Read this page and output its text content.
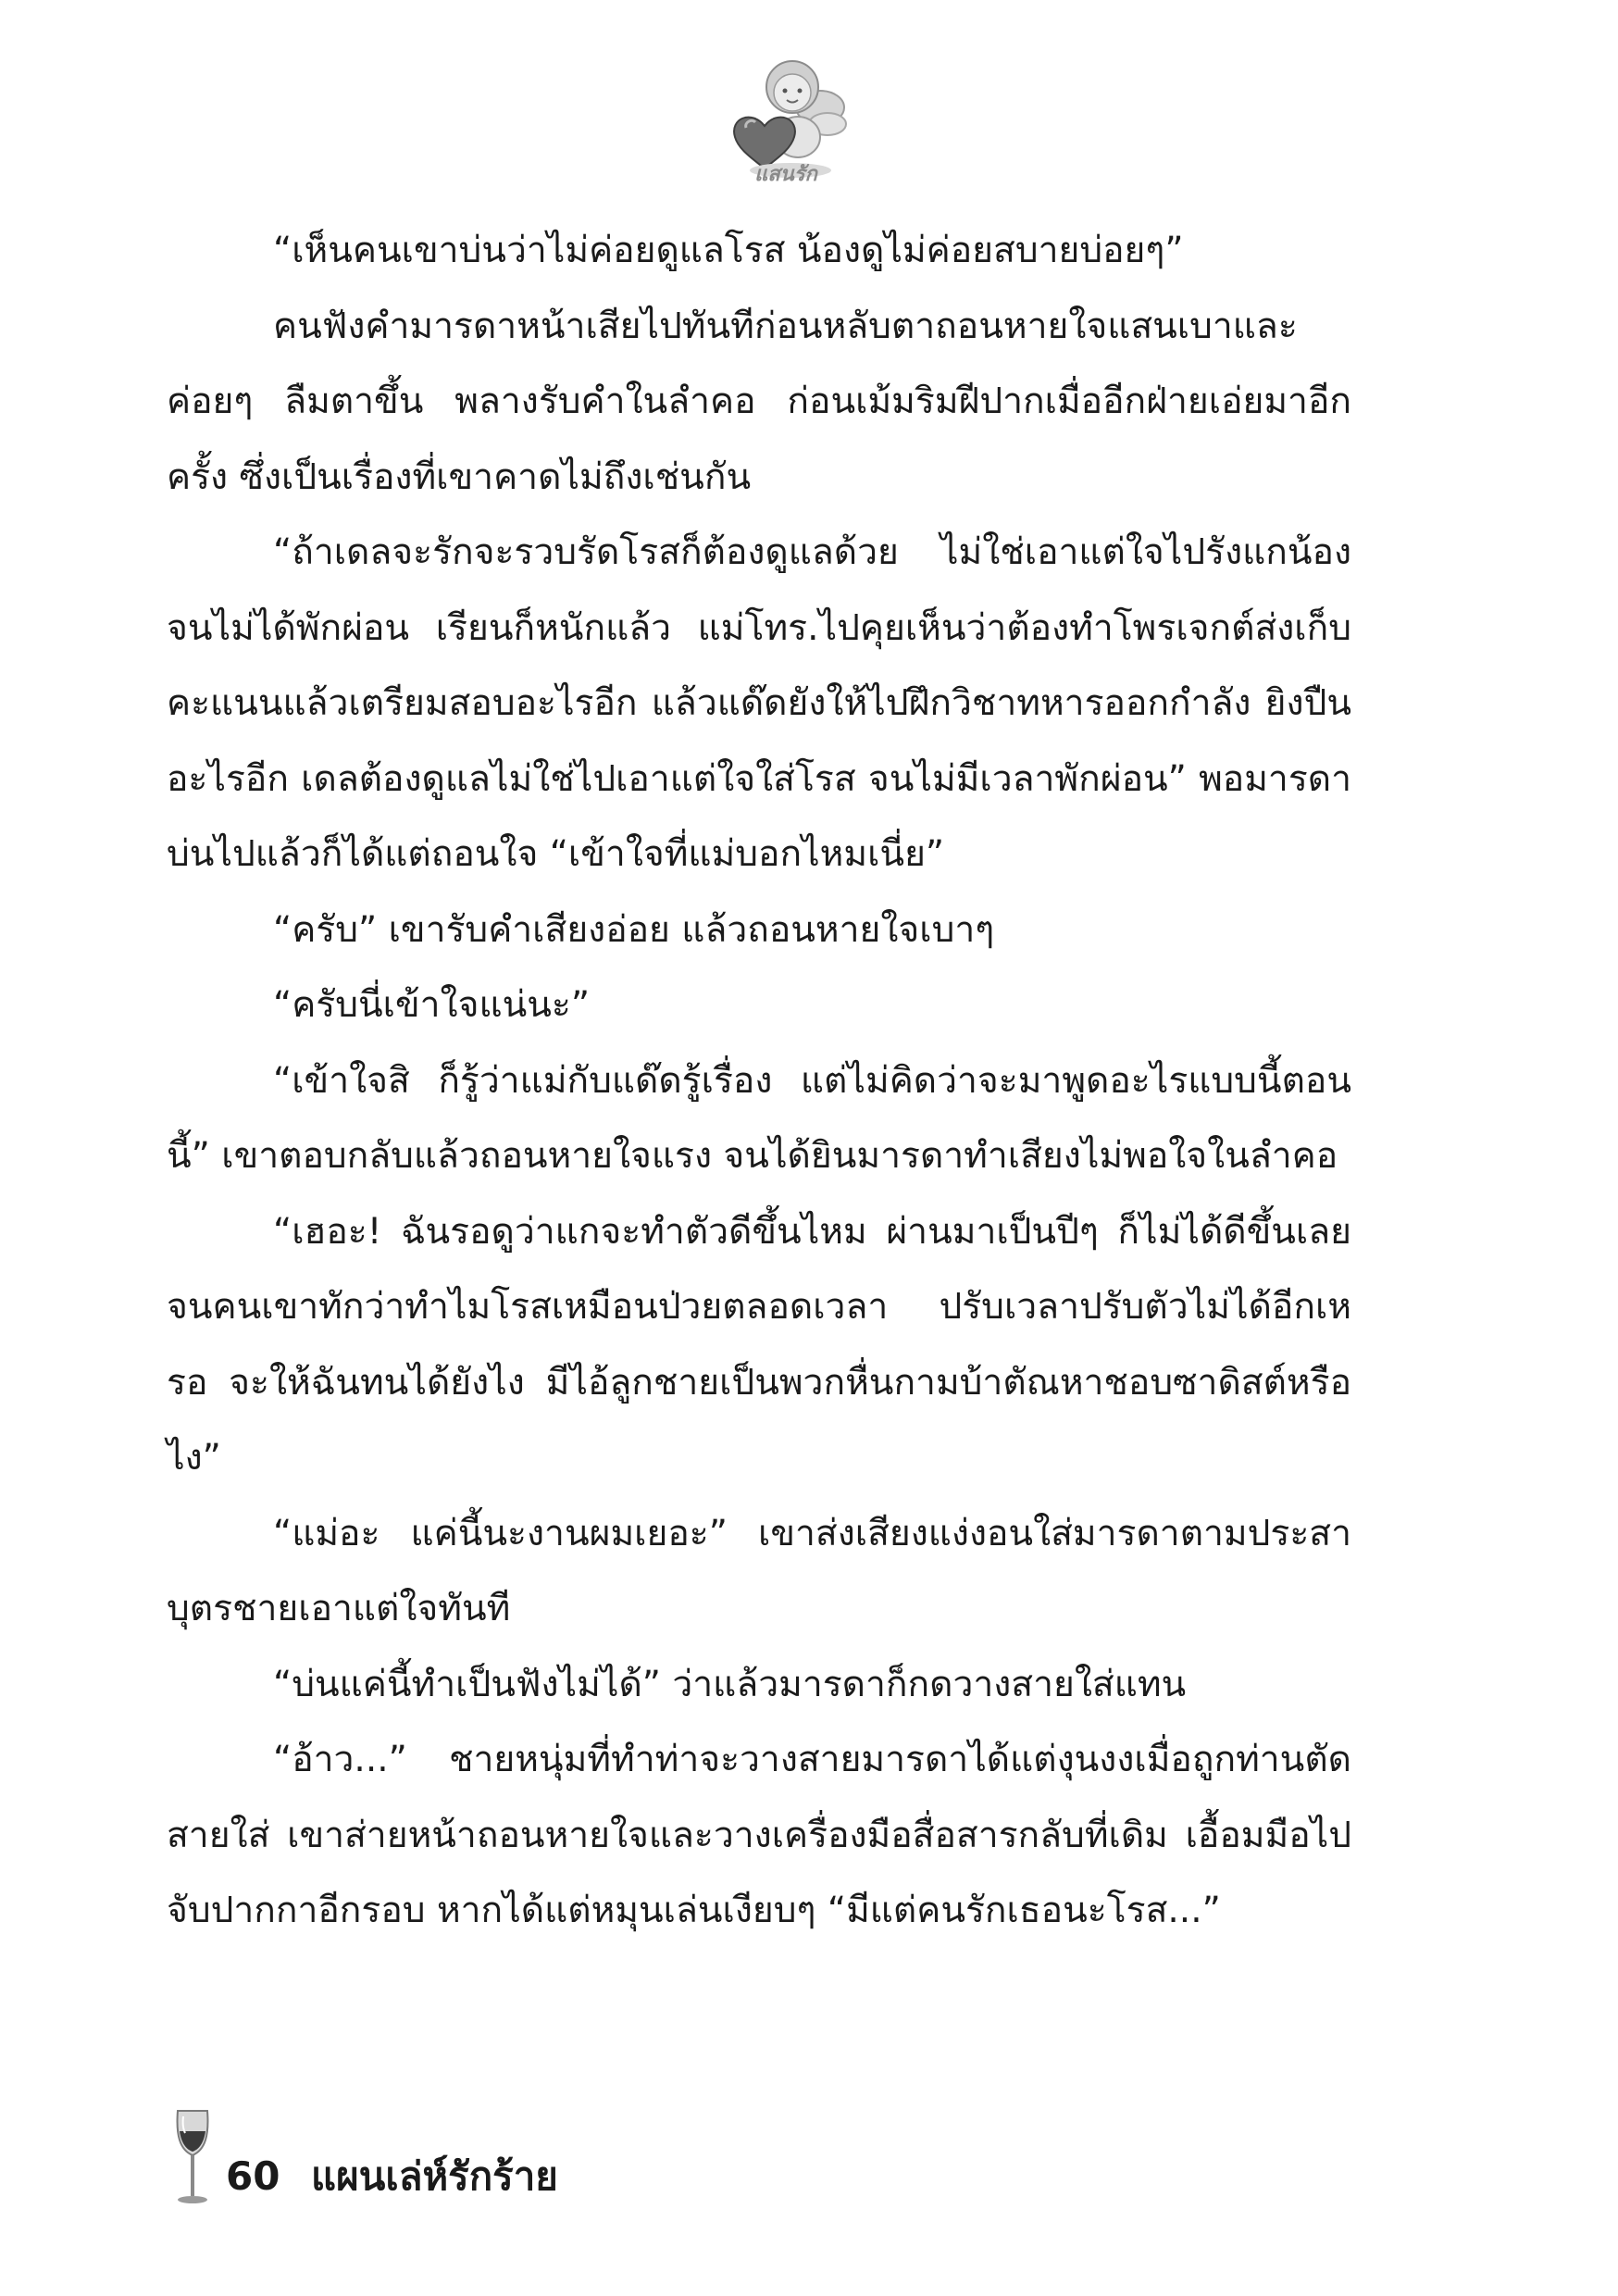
แสนรัก

“เห็นคนเขาบ่นว่าไม่ค่อยดูแลโรส น้องดูไม่ค่อยสบายบ่อยๆ”

คนฟังคำมารดาหน้าเสียไปทันทีก่อนหลับตาถอนหายใจแสนเบาและค่อยๆ ลืมตาขึ้น พลางรับคำในลำคอ ก่อนเม้มริมฝีปากเมื่ออีกฝ่ายเอ่ยมาอีกครั้ง ซึ่งเป็นเรื่องที่เขาคาดไม่ถึงเช่นกัน

“ถ้าเดลจะรักจะรวบรัดโรสก็ต้องดูแลด้วย ไม่ใช่เอาแต่ใจไปรังแกน้องจนไม่ได้พักผ่อน เรียนก็หนักแล้ว แม่โทร.ไปคุยเห็นว่าต้องทำโพรเจกต์ส่งเก็บคะแนนแล้วเตรียมสอบอะไรอีก แล้วแด๊ดยังให้ไปฝึกวิชาทหารออกกำลัง ยิงปืนอะไรอีก เดลต้องดูแลไม่ใช่ไปเอาแต่ใจใส่โรส จนไม่มีเวลาพักผ่อน” พอมารดาบ่นไปแล้วก็ได้แต่ถอนใจ “เข้าใจที่แม่บอกไหมเนี่ย”

“ครับ” เขารับคำเสียงอ่อย แล้วถอนหายใจเบาๆ

“ครับนี่เข้าใจแน่นะ”

“เข้าใจสิ ก็รู้ว่าแม่กับแด๊ดรู้เรื่อง แต่ไม่คิดว่าจะมาพูดอะไรแบบนี้ตอนนี้” เขาตอบกลับแล้วถอนหายใจแรง จนได้ยินมารดาทำเสียงไม่พอใจในลำคอ

“เฮอะ! ฉันรอดูว่าแกจะทำตัวดีขึ้นไหม ผ่านมาเป็นปีๆ ก็ไม่ได้ดีขึ้นเลย จนคนเขาทักว่าทำไมโรสเหมือนป่วยตลอดเวลา ปรับเวลาปรับตัวไม่ได้อีกเหรอ จะให้ฉันทนได้ยังไง มีไอ้ลูกชายเป็นพวกหื่นกามบ้าตัณหาชอบซาดิสต์หรือไง”

“แม่อะ แค่นี้นะงานผมเยอะ” เขาส่งเสียงแง่งอนใส่มารดาตามประสาบุตรชายเอาแต่ใจทันที

“บ่นแค่นี้ทำเป็นฟังไม่ได้” ว่าแล้วมารดาก็กดวางสายใส่แทน

“อ้าว...” ชายหนุ่มที่ทำท่าจะวางสายมารดาได้แต่งุนงงเมื่อถูกท่านตัดสายใส่ เขาส่ายหน้าถอนหายใจและวางเครื่องมือสื่อสารกลับที่เดิม เอื้อมมือไปจับปากกาอีกรอบ หากได้แต่หมุนเล่นเงียบๆ “มีแต่คนรักเธอนะโรส...”

60 แผนเล่ห์รักร้าย
